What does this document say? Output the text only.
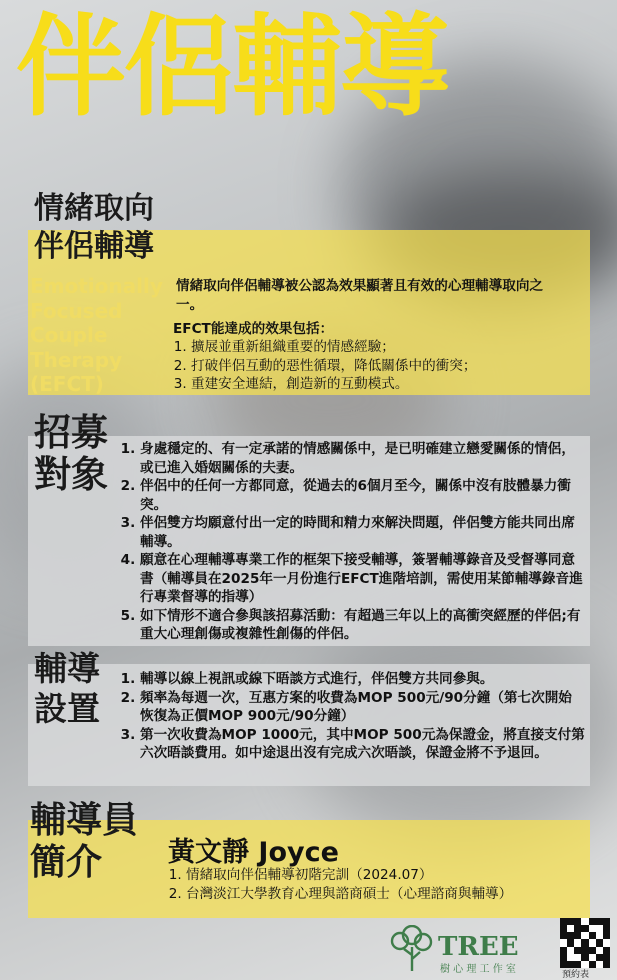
伴侶輔導
情緒取向
伴侶輔導
Emotionally
Focused
Couple
Therapy
(EFCT)
情緒取向伴侶輔導被公認為效果顯著且有效的心理輔導取向之一。
EFCT能達成的效果包括：
1. 擴展並重新組織重要的情感經驗；
2. 打破伴侶互動的惡性循環，降低關係中的衝突；
3. 重建安全連結，創造新的互動模式。
招募
對象
1. 身處穩定的、有一定承諾的情感關係中，是已明確建立戀愛關係的情侶，或已進入婚姻關係的夫妻。
2. 伴侶中的任何一方都同意，從過去的6個月至今，關係中沒有肢體暴力衝突。
3. 伴侶雙方均願意付出一定的時間和精力來解決問題，伴侶雙方能共同出席輔導。
4. 願意在心理輔導專業工作的框架下接受輔導，簽署輔導錄音及受督導同意書（輔導員在2025年一月份進行EFCT進階培訓，需使用某節輔導錄音進行專業督導的指導）
5. 如下情形不適合參與該招募活動：有超過三年以上的高衝突經歷的伴侶;有重大心理創傷或複雜性創傷的伴侶。
輔導
設置
1. 輔導以線上視訊或線下晤談方式進行，伴侶雙方共同參與。
2. 頻率為每週一次，互惠方案的收費為MOP 500元/90分鐘（第七次開始恢復為正價MOP 900元/90分鐘）
3. 第一次收費為MOP 1000元，其中MOP 500元為保證金，將直接支付第六次晤談費用。如中途退出沒有完成六次晤談，保證金將不予退回。
輔導員
簡介 黃文靜 Joyce
1. 情緒取向伴侶輔導初階完訓（2024.07）
2. 台灣淡江大學教育心理與諮商碩士（心理諮商與輔導）
TREE
樹 心 理 工 作 室	預約表
